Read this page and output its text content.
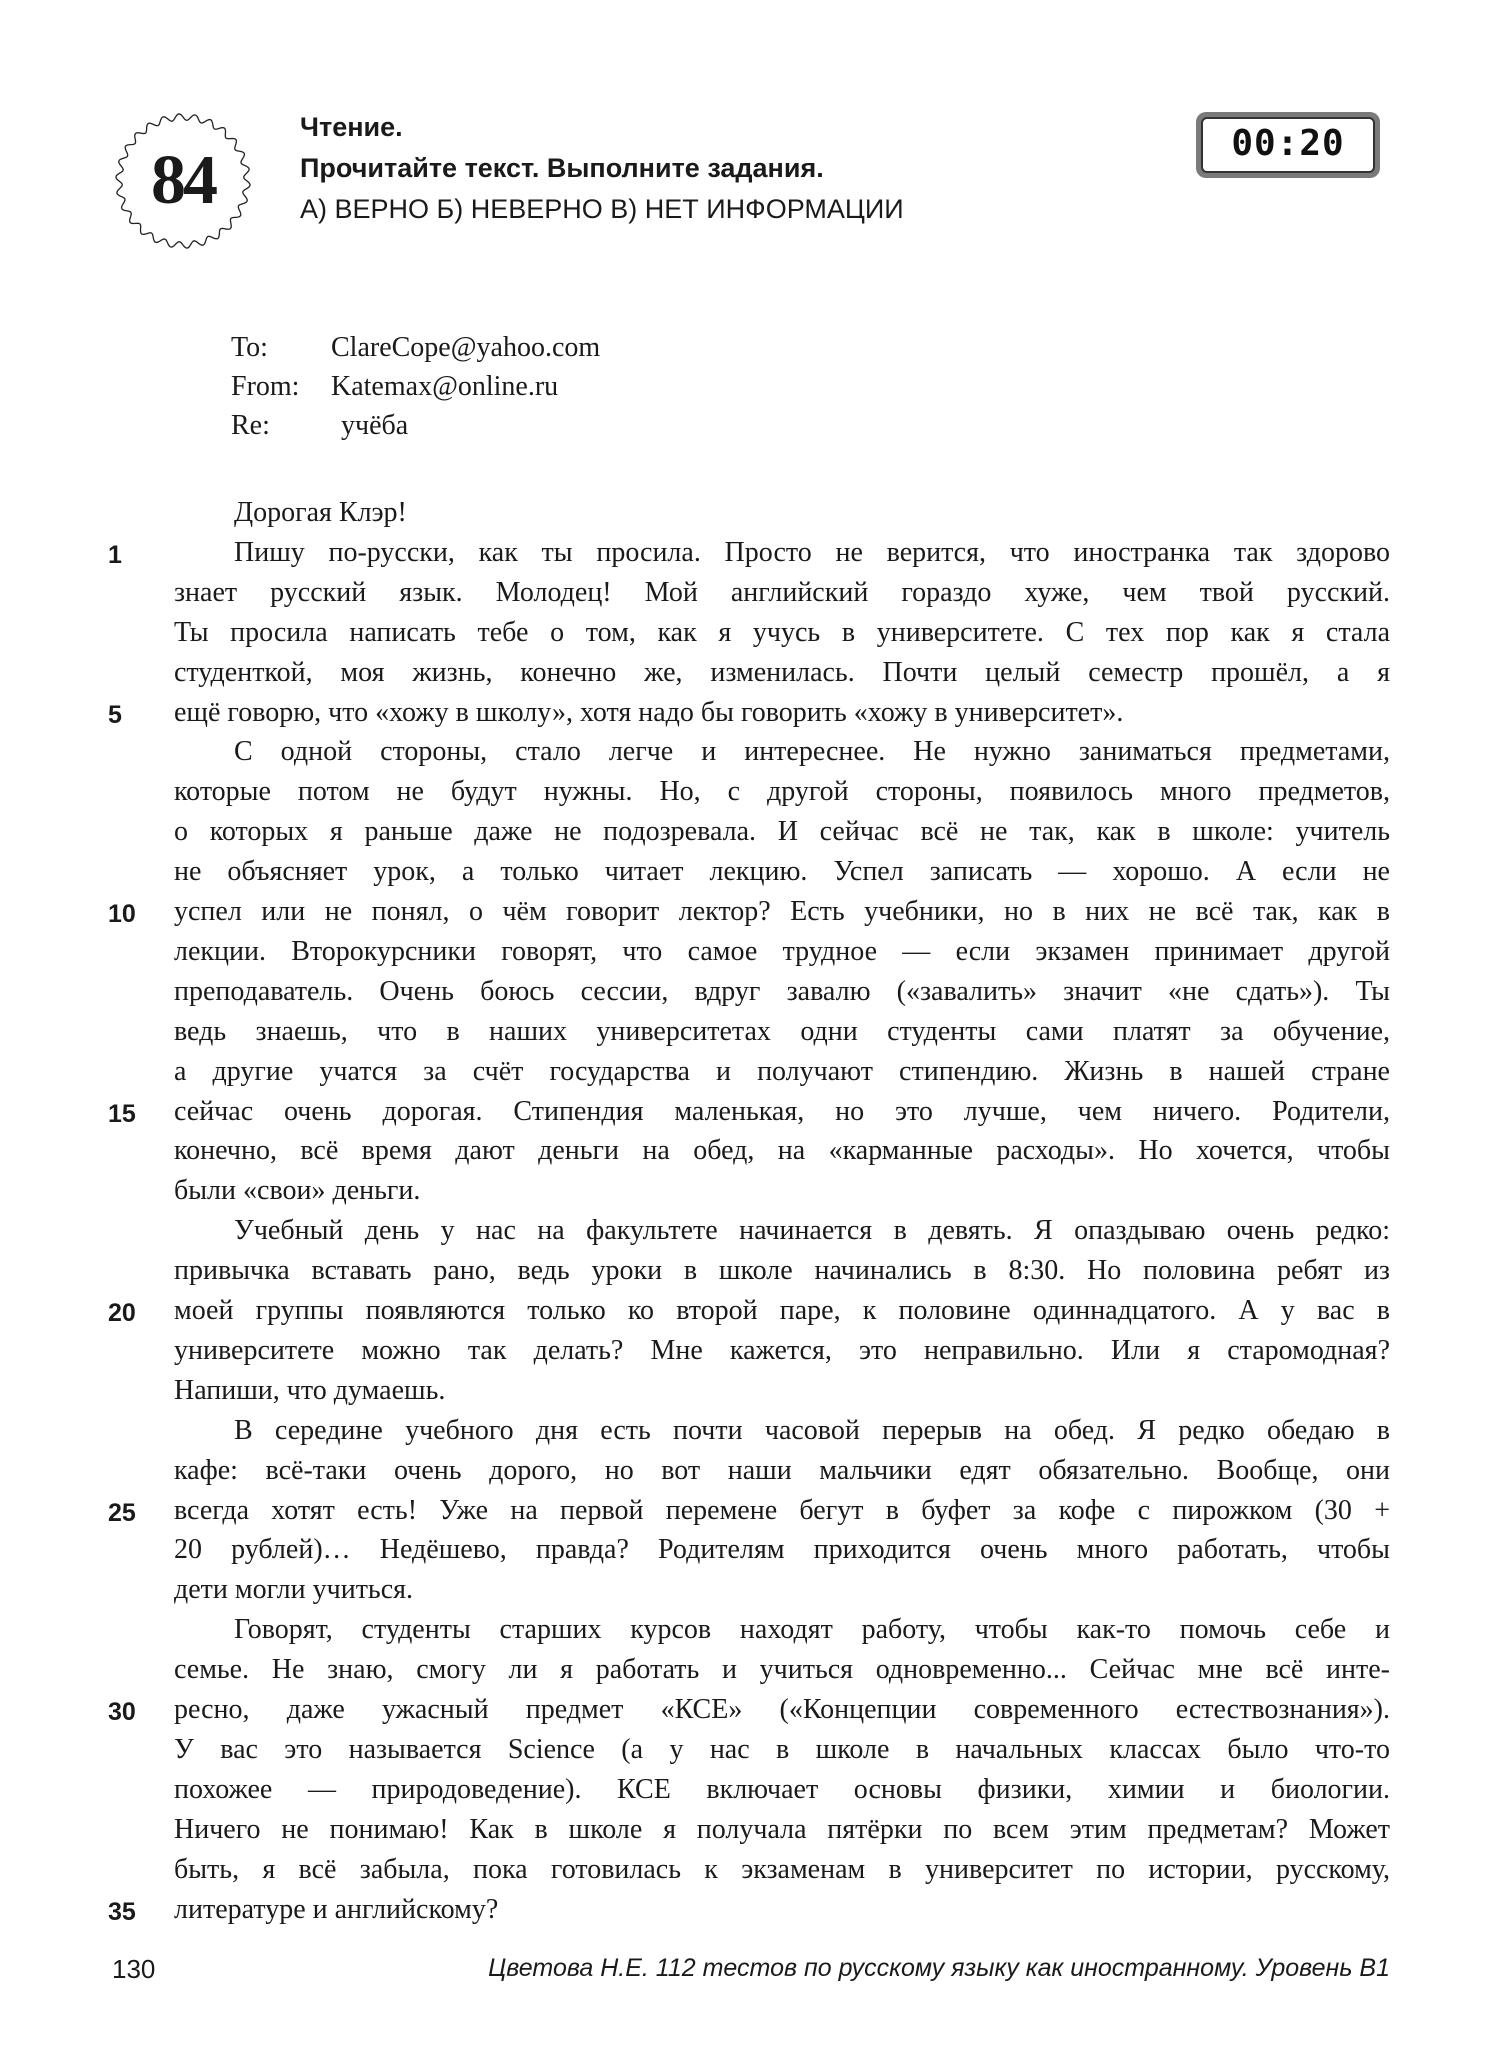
84
Чтение.
Прочитайте текст. Выполните задания.
А) ВЕРНО Б) НЕВЕРНО В) НЕТ ИНФОРМАЦИИ
00:20
To: ClareCope@yahoo.com
From: Katemax@online.ru
Re:	учёба
Дорогая Клэр!
Пишу по-русски, как ты просила. Просто не верится, что иностранка так здорово
1
знает русский язык. Молодец! Мой английский гораздо хуже, чем твой русский.
Ты просила написать тебе о том, как я учусь в университете. С тех пор как я стала
студенткой, моя жизнь, конечно же, изменилась. Почти целый семестр прошёл, а я
ещё говорю, что «хожу в школу», хотя надо бы говорить «хожу в университет».
5
С одной стороны, стало легче и интереснее. Не нужно заниматься предметами,
которые потом не будут нужны. Но, с другой стороны, появилось много предметов,
о которых я раньше даже не подозревала. И сейчас всё не так, как в школе: учитель
не объясняет урок, а только читает лекцию. Успел записать — хорошо. А если не
успел или не понял, о чём говорит лектор? Есть учебники, но в них не всё так, как в
10
лекции. Второкурсники говорят, что самое трудное — если экзамен принимает другой
преподаватель. Очень боюсь сессии, вдруг завалю («завалить» значит «не сдать»). Ты
ведь знаешь, что в наших университетах одни студенты сами платят за обучение,
а другие учатся за счёт государства и получают стипендию. Жизнь в нашей стране
сейчас очень дорогая. Стипендия маленькая, но это лучше, чем ничего. Родители,
15
конечно, всё время дают деньги на обед, на «карманные расходы». Но хочется, чтобы
были «свои» деньги.
Учебный день у нас на факультете начинается в девять. Я опаздываю очень редко:
привычка вставать рано, ведь уроки в школе начинались в 8:30. Но половина ребят из
моей группы появляются только ко второй паре, к половине одиннадцатого. А у вас в
20
университете можно так делать? Мне кажется, это неправильно. Или я старомодная?
Напиши, что думаешь.
В середине учебного дня есть почти часовой перерыв на обед. Я редко обедаю в
кафе: всё-таки очень дорого, но вот наши мальчики едят обязательно. Вообще, они
всегда хотят есть! Уже на первой перемене бегут в буфет за кофе с пирожком (30 +
25
20 рублей)… Недёшево, правда? Родителям приходится очень много работать, чтобы
дети могли учиться.
Говорят, студенты старших курсов находят работу, чтобы как-то помочь себе и
семье. Не знаю, смогу ли я работать и учиться одновременно... Сейчас мне всё инте-
ресно, даже ужасный предмет «КСЕ» («Концепции современного естествознания»).
30
У вас это называется Science (а у нас в школе в начальных классах было что-то
похожее — природоведение). КСЕ включает основы физики, химии и биологии.
Ничего не понимаю! Как в школе я получала пятёрки по всем этим предметам? Может
быть, я всё забыла, пока готовилась к экзаменам в университет по истории, русскому,
литературе и английскому?
35
130	Цветова Н.Е. 112 тестов по русскому языку как иностранному. Уровень В1
